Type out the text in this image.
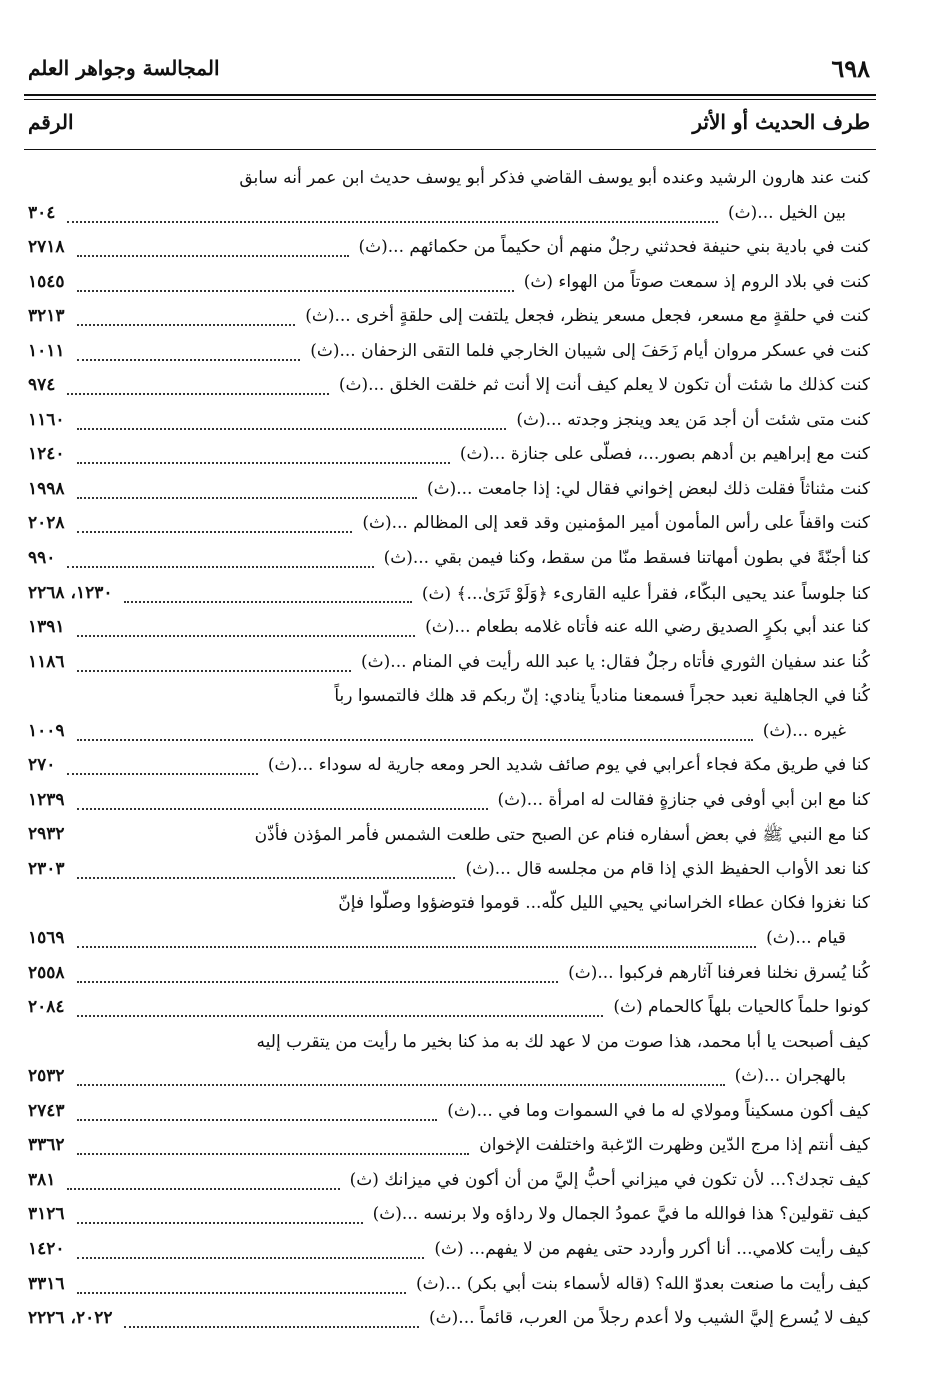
٦٩٨
المجالسة وجواهر العلم
طرف الحديث أو الأثر
الرقم
كنت عند هارون الرشيد وعنده أبو يوسف القاضي فذكر أبو يوسف حديث ابن عمر أنه سابق
بين الخيل ...(ث)
٣٠٤
كنت في بادية بني حنيفة فحدثني رجلٌ منهم أن حكيماً من حكمائهم ...(ث)
٢٧١٨
كنت في بلاد الروم إذ سمعت صوتاً من الهواء (ث)
١٥٤٥
كنت في حلقةٍ مع مسعر، فجعل مسعر ينظر، فجعل يلتفت إلى حلقةٍ أخرى ...(ث)
٣٢١٣
كنت في عسكر مروان أيام زَحَفَ إلى شيبان الخارجي فلما التقى الزحفان ...(ث)
١٠١١
كنت كذلك ما شئت أن تكون لا يعلم كيف أنت إلا أنت ثم خلقت الخلق ...(ث)
٩٧٤
كنت متى شئت أن أجد مَن يعد وينجز وجدته ...(ث)
١١٦٠
كنت مع إبراهيم بن أدهم بصور...، فصلّى على جنازة ...(ث)
١٢٤٠
كنت مثناثاً فقلت ذلك لبعض إخواني فقال لي: إذا جامعت ...(ث)
١٩٩٨
كنت واقفاً على رأس المأمون أمير المؤمنين وقد قعد إلى المظالم ...(ث)
٢٠٢٨
كنا أجنّةً في بطون أمهاتنا فسقط منّا من سقط، وكنا فيمن بقي ...(ث)
٩٩٠
كنا جلوساً عند يحيى البكّاء، فقرأ عليه القارىء ﴿وَلَوْ تَرَىٰ...﴾ (ث)
١٢٣٠، ٢٢٦٨
كنا عند أبي بكرٍ الصديق رضي الله عنه فأتاه غلامه بطعام ...(ث)
١٣٩١
كُنا عند سفيان الثوري فأتاه رجلٌ فقال: يا عبد الله رأيت في المنام ...(ث)
١١٨٦
كُنا في الجاهلية نعبد حجراً فسمعنا منادياً ينادي: إنّ ربكم قد هلك فالتمسوا رباً
غيره ...(ث)
١٠٠٩
كنا في طريق مكة فجاء أعرابي في يوم صائف شديد الحر ومعه جارية له سوداء ...(ث)
٢٧٠
كنا مع ابن أبي أوفى في جنازةٍ فقالت له امرأة ...(ث)
١٢٣٩
كنا مع النبي ﷺ في بعض أسفاره فنام عن الصبح حتى طلعت الشمس فأمر المؤذن فأذّن
٢٩٣٢
كنا نعد الأواب الحفيظ الذي إذا قام من مجلسه قال ...(ث)
٢٣٠٣
كنا نغزوا فكان عطاء الخراساني يحيي الليل كلّه... قوموا فتوضؤوا وصلّوا فإنّ
قيام ...(ث)
١٥٦٩
كُنا يُسرق نخلنا فعرفنا آثارهم فركبوا ...(ث)
٢٥٥٨
كونوا حلماً كالحيات بلهاً كالحمام (ث)
٢٠٨٤
كيف أصبحت يا أبا محمد، هذا صوت من لا عهد لك به مذ كنا بخير ما رأيت من يتقرب إليه
بالهجران ...(ث)
٢٥٣٢
كيف أكون مسكيناً ومولاي له ما في السموات وما في ...(ث)
٢٧٤٣
كيف أنتم إذا مرج الدّين وظهرت الرّغبة واختلفت الإخوان
٣٣٦٢
كيف تجدك؟... لأن تكون في ميزاني أحبُّ إليَّ من أن أكون في ميزانك (ث)
٣٨١
كيف تقولين؟ هذا فوالله ما فيَّ عمودُ الجمال ولا رداؤه ولا برنسه ...(ث)
٣١٢٦
كيف رأيت كلامي... أنا أكرر وأردد حتى يفهم من لا يفهم... (ث)
١٤٢٠
كيف رأيت ما صنعت بعدوّ الله؟ (قاله لأسماء بنت أبي بكر) ...(ث)
٣٣١٦
كيف لا يُسرع إليَّ الشيب ولا أعدم رجلاً من العرب، قائماً ...(ث)
٢٠٢٢، ٢٢٢٦
